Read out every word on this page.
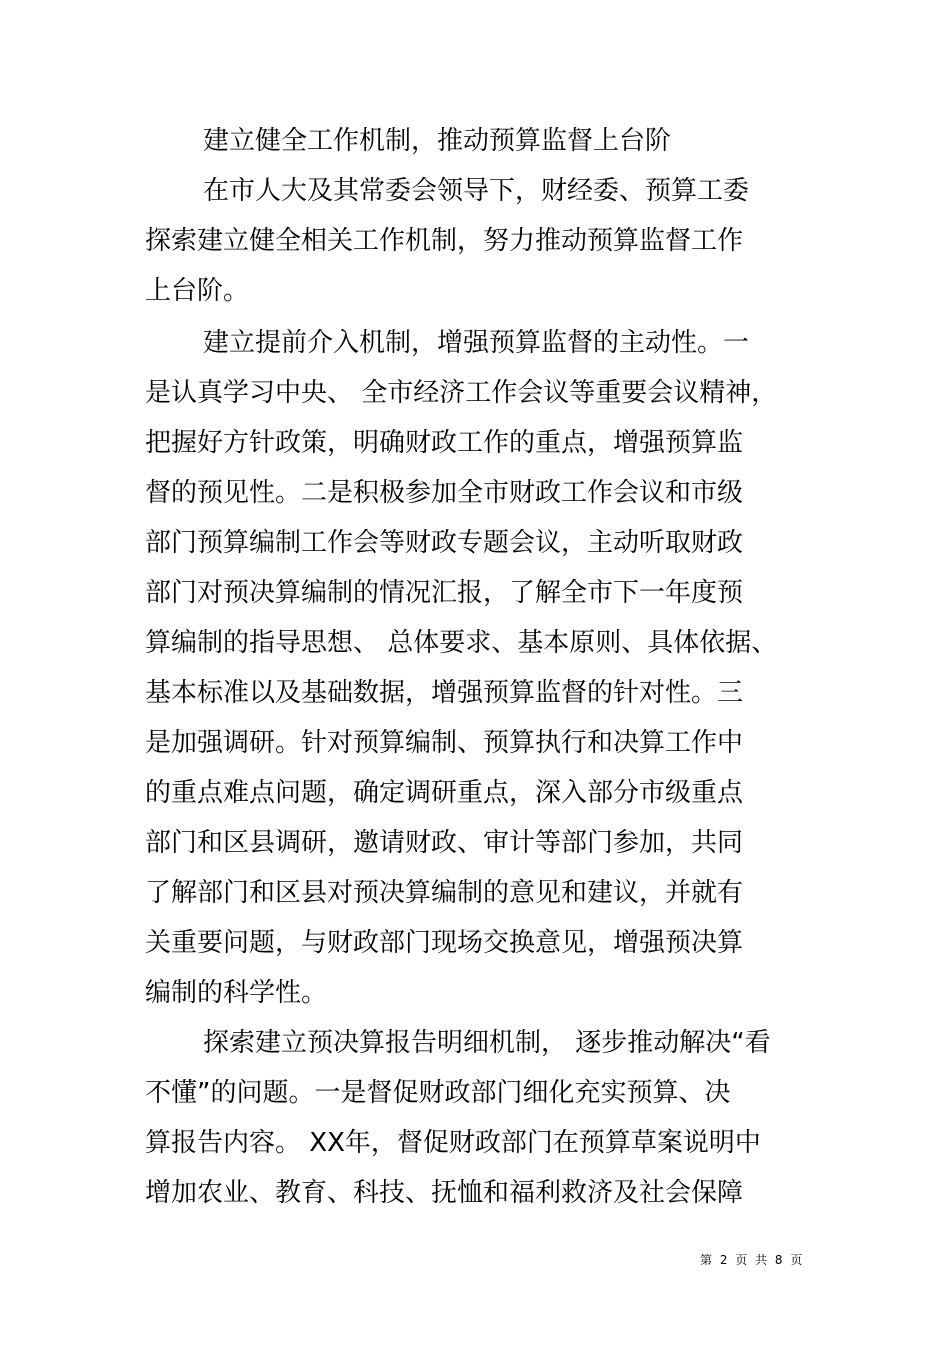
建立健全工作机制，推动预算监督上台阶
在市人大及其常委会领导下，财经委、预算工委
探索建立健全相关工作机制，努力推动预算监督工作
上台阶。
建立提前介入机制，增强预算监督的主动性。一
是认真学习中央、 全市经济工作会议等重要会议精神，
把握好方针政策，明确财政工作的重点，增强预算监
督的预见性。二是积极参加全市财政工作会议和市级
部门预算编制工作会等财政专题会议，主动听取财政
部门对预决算编制的情况汇报，了解全市下一年度预
算编制的指导思想、 总体要求、基本原则、具体依据、
基本标准以及基础数据，增强预算监督的针对性。三
是加强调研。针对预算编制、预算执行和决算工作中
的重点难点问题，确定调研重点，深入部分市级重点
部门和区县调研，邀请财政、审计等部门参加，共同
了解部门和区县对预决算编制的意见和建议，并就有
关重要问题，与财政部门现场交换意见，增强预决算
编制的科学性。
探索建立预决算报告明细机制， 逐步推动解决“看
不懂”的问题。一是督促财政部门细化充实预算、决
算报告内容。 XX年，督促财政部门在预算草案说明中
增加农业、教育、科技、抚恤和福利救济及社会保障
第 2 页 共 8 页
